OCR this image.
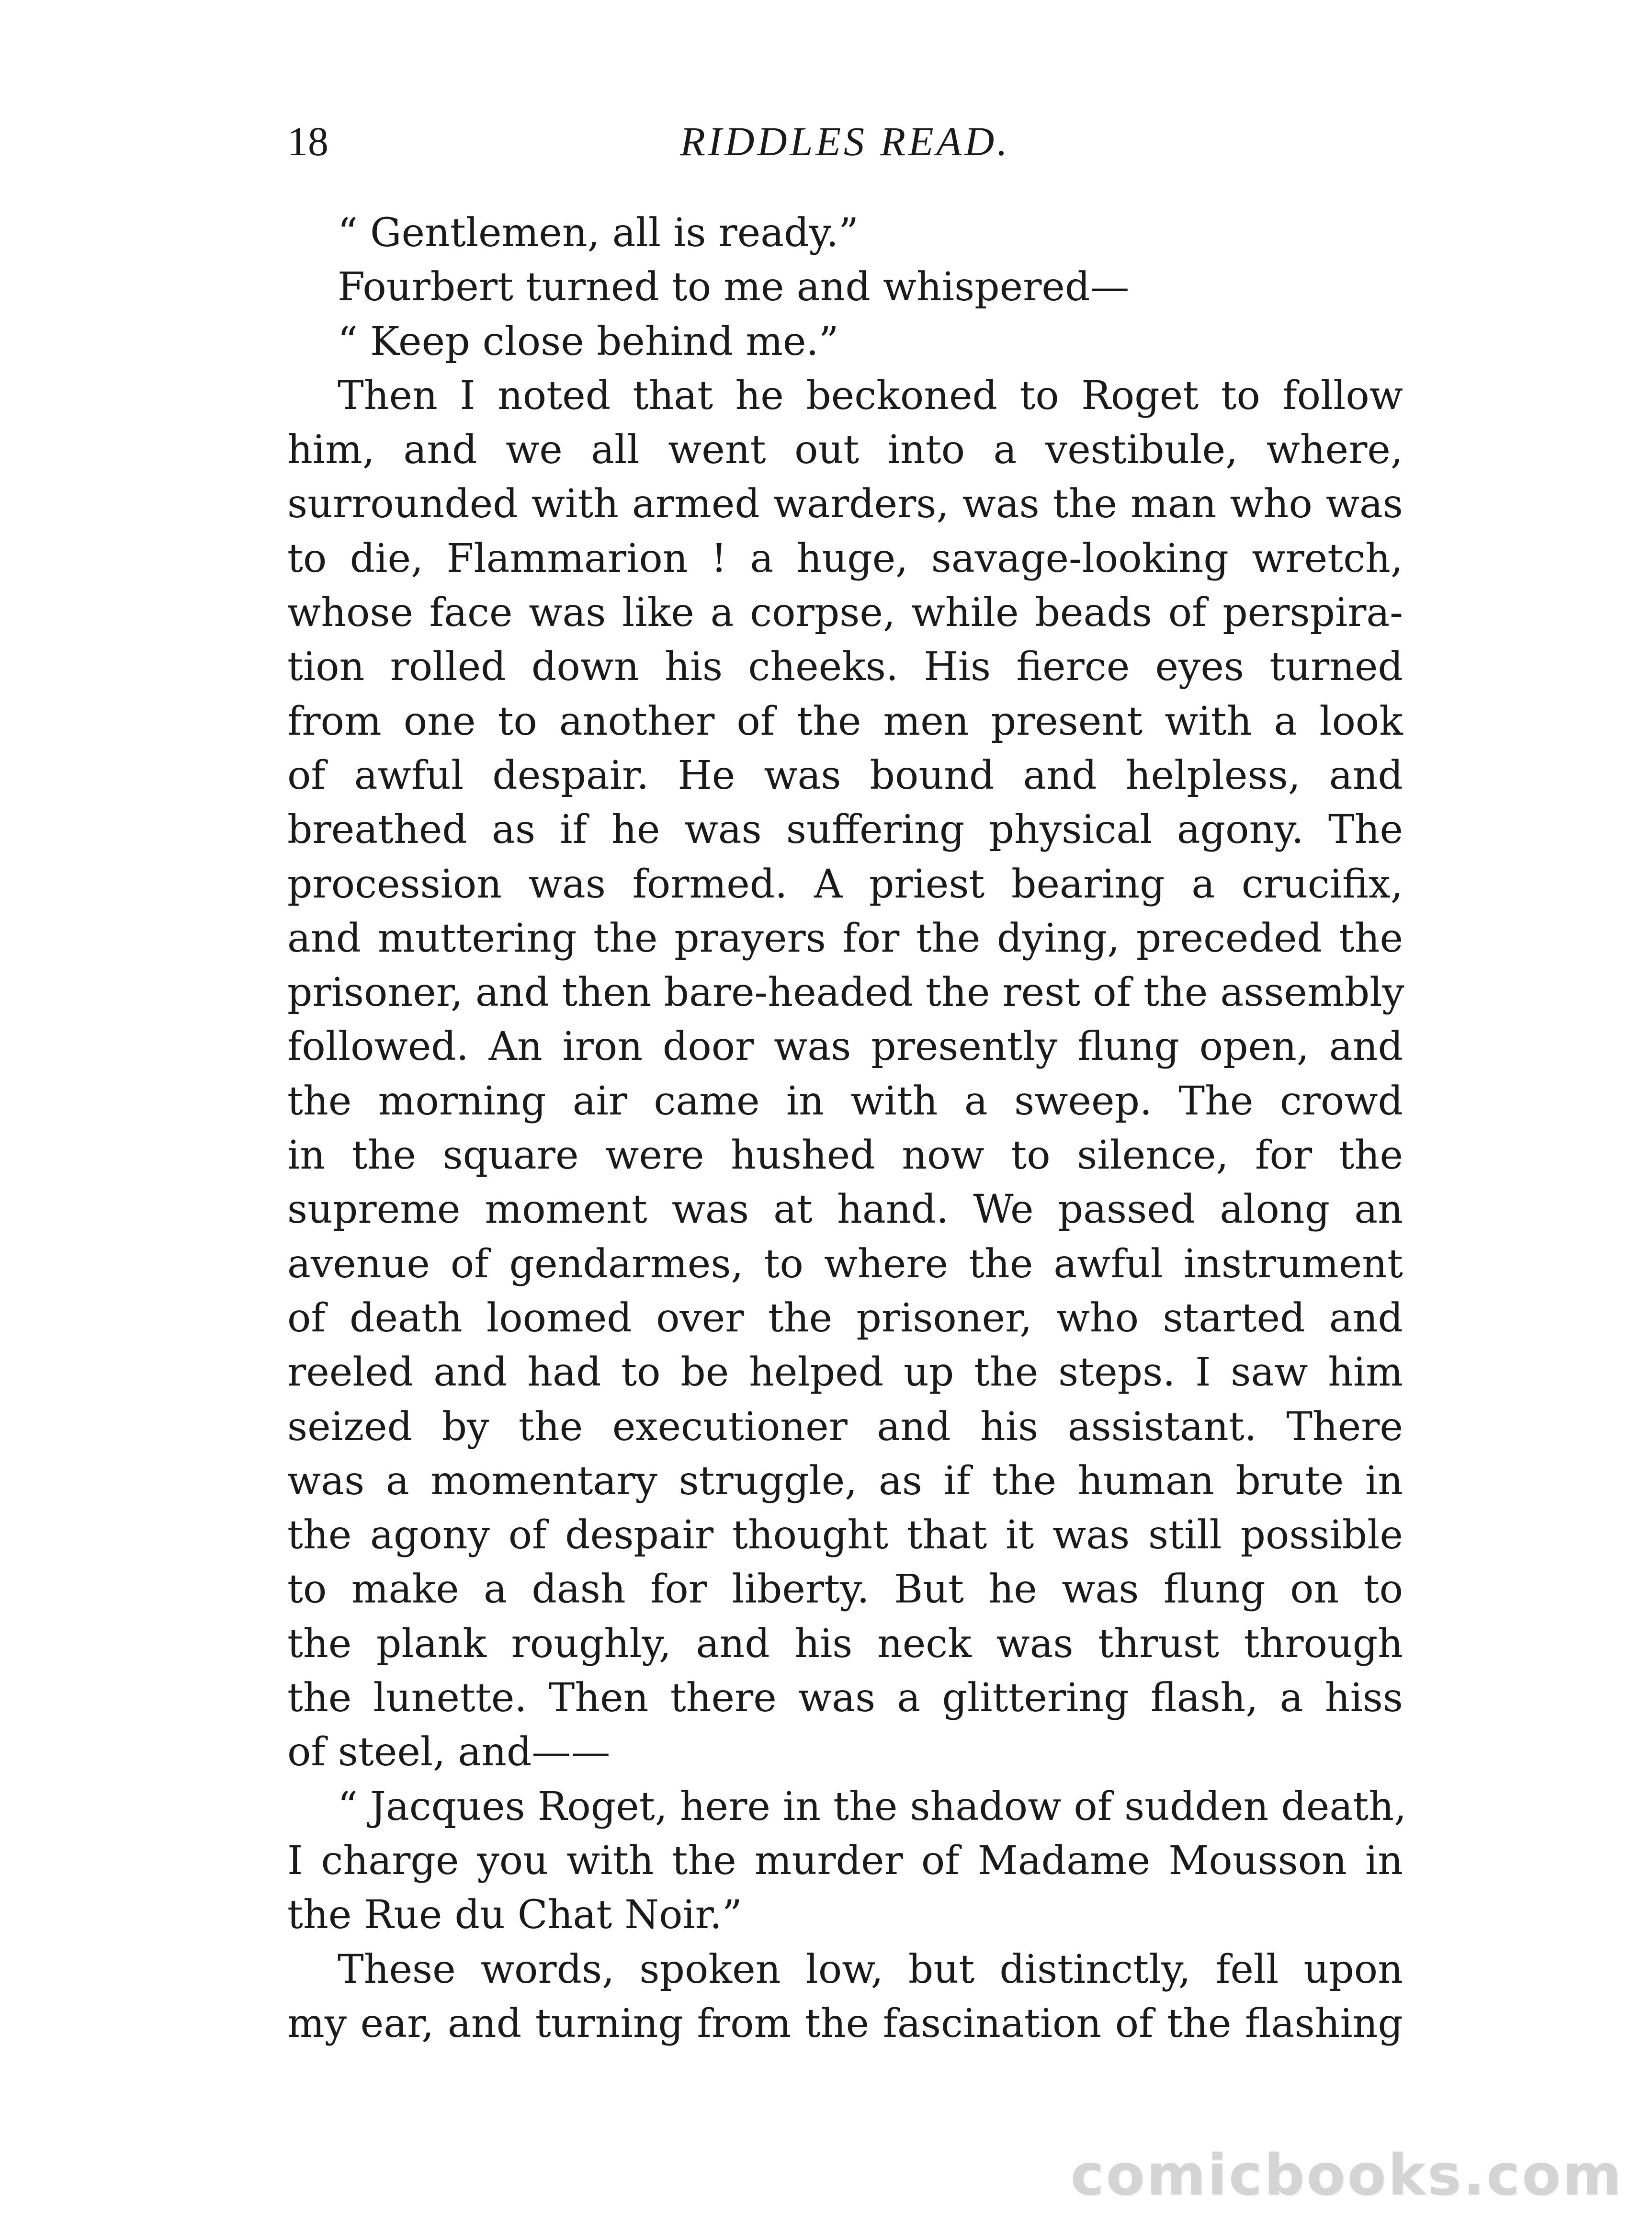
18	RIDDLES READ.
“ Gentlemen, all is ready.”
Fourbert turned to me and whispered—
“ Keep close behind me.”
Then I noted that he beckoned to Roget to follow
him, and we all went out into a vestibule, where,
surrounded with armed warders, was the man who was
to die, Flammarion ! a huge, savage-looking wretch,
whose face was like a corpse, while beads of perspira-
tion rolled down his cheeks. His fierce eyes turned
from one to another of the men present with a look
of awful despair. He was bound and helpless, and
breathed as if he was suffering physical agony. The
procession was formed. A priest bearing a crucifix,
and muttering the prayers for the dying, preceded the
prisoner, and then bare-headed the rest of the assembly
followed. An iron door was presently flung open, and
the morning air came in with a sweep. The crowd
in the square were hushed now to silence, for the
supreme moment was at hand. We passed along an
avenue of gendarmes, to where the awful instrument
of death loomed over the prisoner, who started and
reeled and had to be helped up the steps. I saw him
seized by the executioner and his assistant. There
was a momentary struggle, as if the human brute in
the agony of despair thought that it was still possible
to make a dash for liberty. But he was flung on to
the plank roughly, and his neck was thrust through
the lunette. Then there was a glittering flash, a hiss
of steel, and——
“ Jacques Roget, here in the shadow of sudden death,
I charge you with the murder of Madame Mousson in
the Rue du Chat Noir.”
These words, spoken low, but distinctly, fell upon
my ear, and turning from the fascination of the flashing
comicbooks.com
